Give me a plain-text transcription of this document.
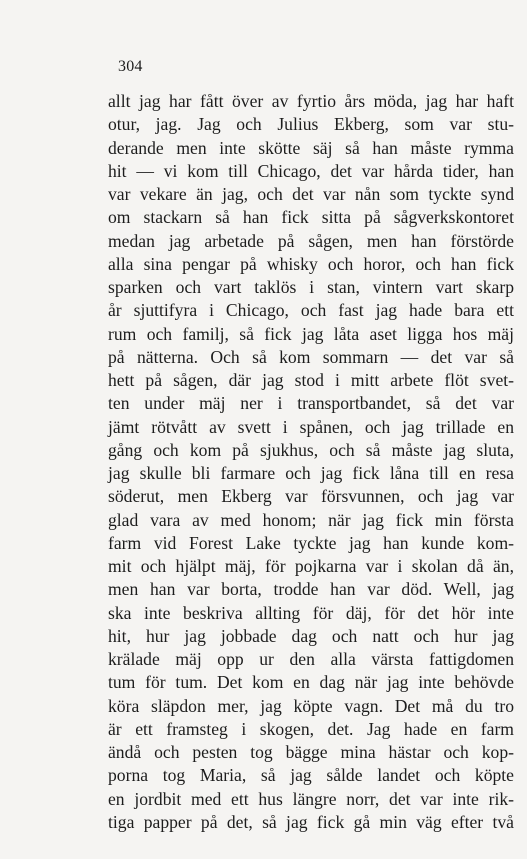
304
allt jag har fått över av fyrtio års möda, jag har haft
otur, jag. Jag och Julius Ekberg, som var stu-
derande men inte skötte säj så han måste rymma
hit — vi kom till Chicago, det var hårda tider, han
var vekare än jag, och det var nån som tyckte synd
om stackarn så han fick sitta på sågverkskontoret
medan jag arbetade på sågen, men han förstörde
alla sina pengar på whisky och horor, och han fick
sparken och vart taklös i stan, vintern vart skarp
år sjuttifyra i Chicago, och fast jag hade bara ett
rum och familj, så fick jag låta aset ligga hos mäj
på nätterna. Och så kom sommarn — det var så
hett på sågen, där jag stod i mitt arbete flöt svet-
ten under mäj ner i transportbandet, så det var
jämt rötvått av svett i spånen, och jag trillade en
gång och kom på sjukhus, och så måste jag sluta,
jag skulle bli farmare och jag fick låna till en resa
söderut, men Ekberg var försvunnen, och jag var
glad vara av med honom; när jag fick min första
farm vid Forest Lake tyckte jag han kunde kom-
mit och hjälpt mäj, för pojkarna var i skolan då än,
men han var borta, trodde han var död. Well, jag
ska inte beskriva allting för däj, för det hör inte
hit, hur jag jobbade dag och natt och hur jag
krälade mäj opp ur den alla värsta fattigdomen
tum för tum. Det kom en dag när jag inte behövde
köra släpdon mer, jag köpte vagn. Det må du tro
är ett framsteg i skogen, det. Jag hade en farm
ändå och pesten tog bägge mina hästar och kop-
porna tog Maria, så jag sålde landet och köpte
en jordbit med ett hus längre norr, det var inte rik-
tiga papper på det, så jag fick gå min väg efter två
